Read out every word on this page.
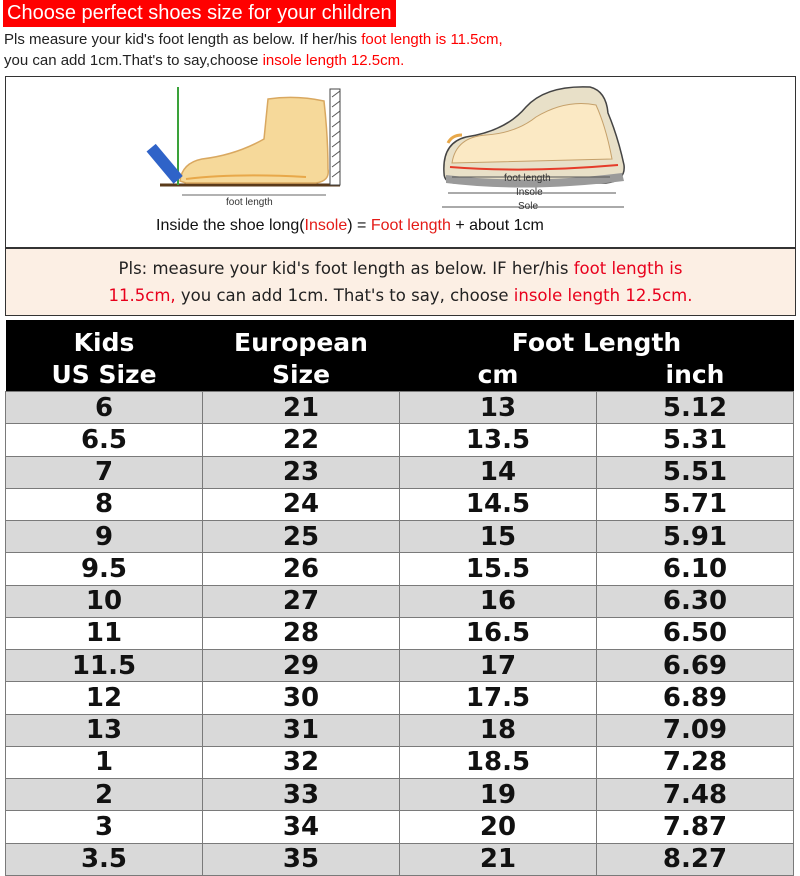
Choose perfect shoes size for your children
Pls measure your kid's foot length as below. If her/his foot length is 11.5cm,
you can add 1cm.That's to say,choose insole length 12.5cm.
foot length
foot length
Insole
Sole
Inside the shoe long(Insole) = Foot length + about 1cm

Pls: measure your kid's foot length as below. IF her/his foot length is

11.5cm, you can add 1cm. That's to say, choose insole length 12.5cm.

Kids	European	Foot Length	
US Size	Size	cm	inch
6	21	13	5.12
6.5	22	13.5	5.31
7	23	14	5.51
8	24	14.5	5.71
9	25	15	5.91
9.5	26	15.5	6.10
10	27	16	6.30
11	28	16.5	6.50
11.5	29	17	6.69
12	30	17.5	6.89
13	31	18	7.09
1	32	18.5	7.28
2	33	19	7.48
3	34	20	7.87
3.5	35	21	8.27
